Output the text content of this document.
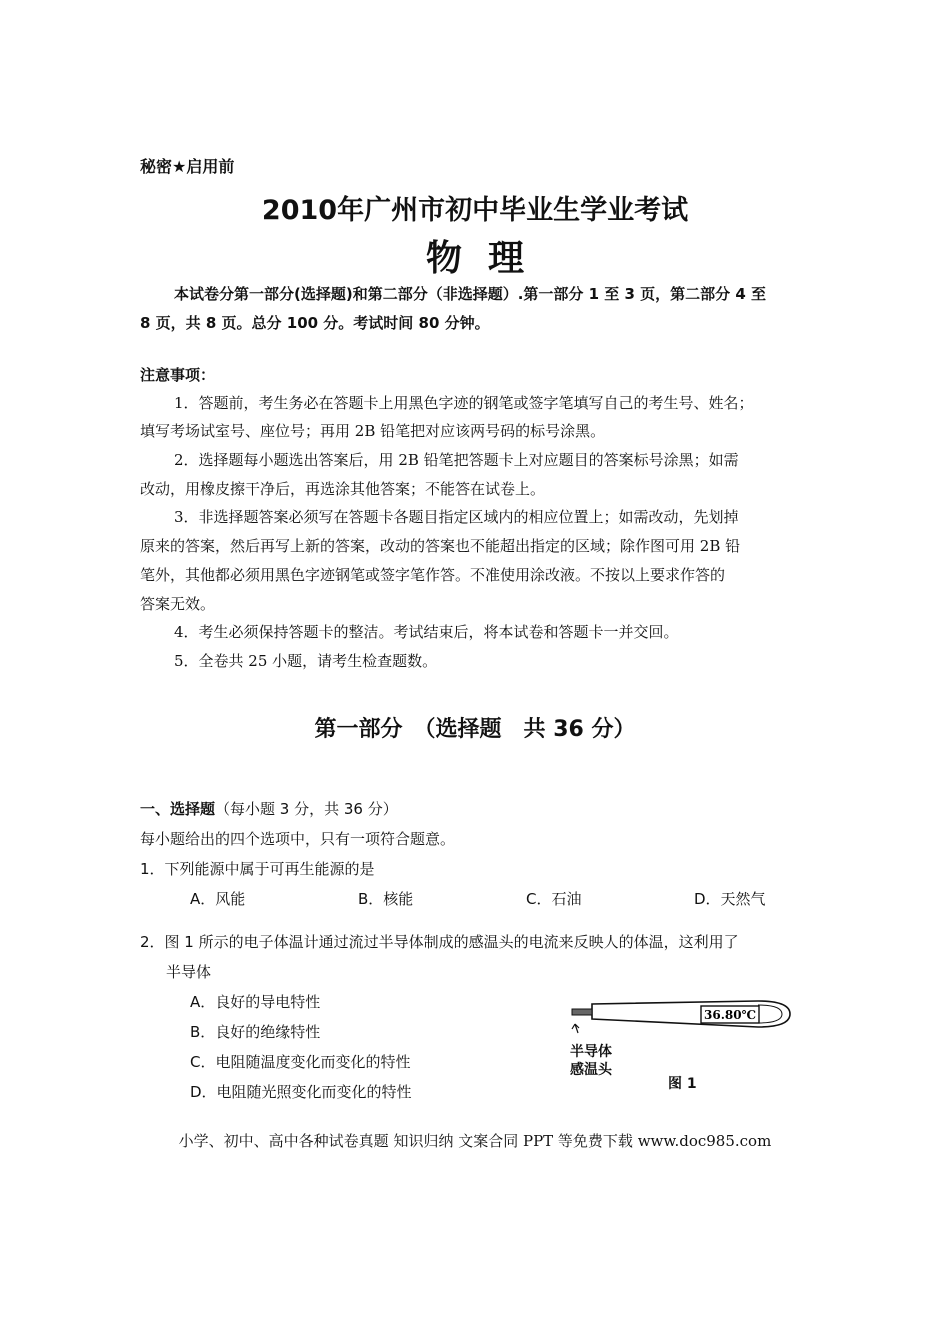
秘密★启用前
2010年广州市初中毕业生学业考试
物理
本试卷分第一部分(选择题)和第二部分（非选择题）.第一部分 1 至 3 页，第二部分 4 至
8 页，共 8 页。总分 100 分。考试时间 80 分钟。
注意事项：
1．答题前，考生务必在答题卡上用黑色字迹的钢笔或签字笔填写自己的考生号、姓名；
填写考场试室号、座位号；再用 2B 铅笔把对应该两号码的标号涂黑。
2．选择题每小题选出答案后，用 2B 铅笔把答题卡上对应题目的答案标号涂黑；如需
改动，用橡皮擦干净后，再选涂其他答案；不能答在试卷上。
3．非选择题答案必须写在答题卡各题目指定区域内的相应位置上；如需改动，先划掉
原来的答案，然后再写上新的答案，改动的答案也不能超出指定的区域；除作图可用 2B 铅
笔外，其他都必须用黑色字迹钢笔或签字笔作答。不准使用涂改液。不按以上要求作答的
答案无效。
4．考生必须保持答题卡的整洁。考试结束后，将本试卷和答题卡一并交回。
5．全卷共 25 小题，请考生检查题数。
第一部分　（选择题　共 36 分）
一、选择题（每小题 3 分，共 36 分）
每小题给出的四个选项中，只有一项符合题意。
1．下列能源中属于可再生能源的是
A．风能	B．核能	C．石油	D．天然气
2．图 1 所示的电子体温计通过流过半导体制成的感温头的电流来反映人的体温，这利用了
半导体
A．良好的导电特性
B．良好的绝缘特性
C．电阻随温度变化而变化的特性
D．电阻随光照变化而变化的特性
36.80℃
半导体
感温头
图 1
小学、初中、高中各种试卷真题 知识归纳 文案合同 PPT 等免费下载 www.doc985.com
